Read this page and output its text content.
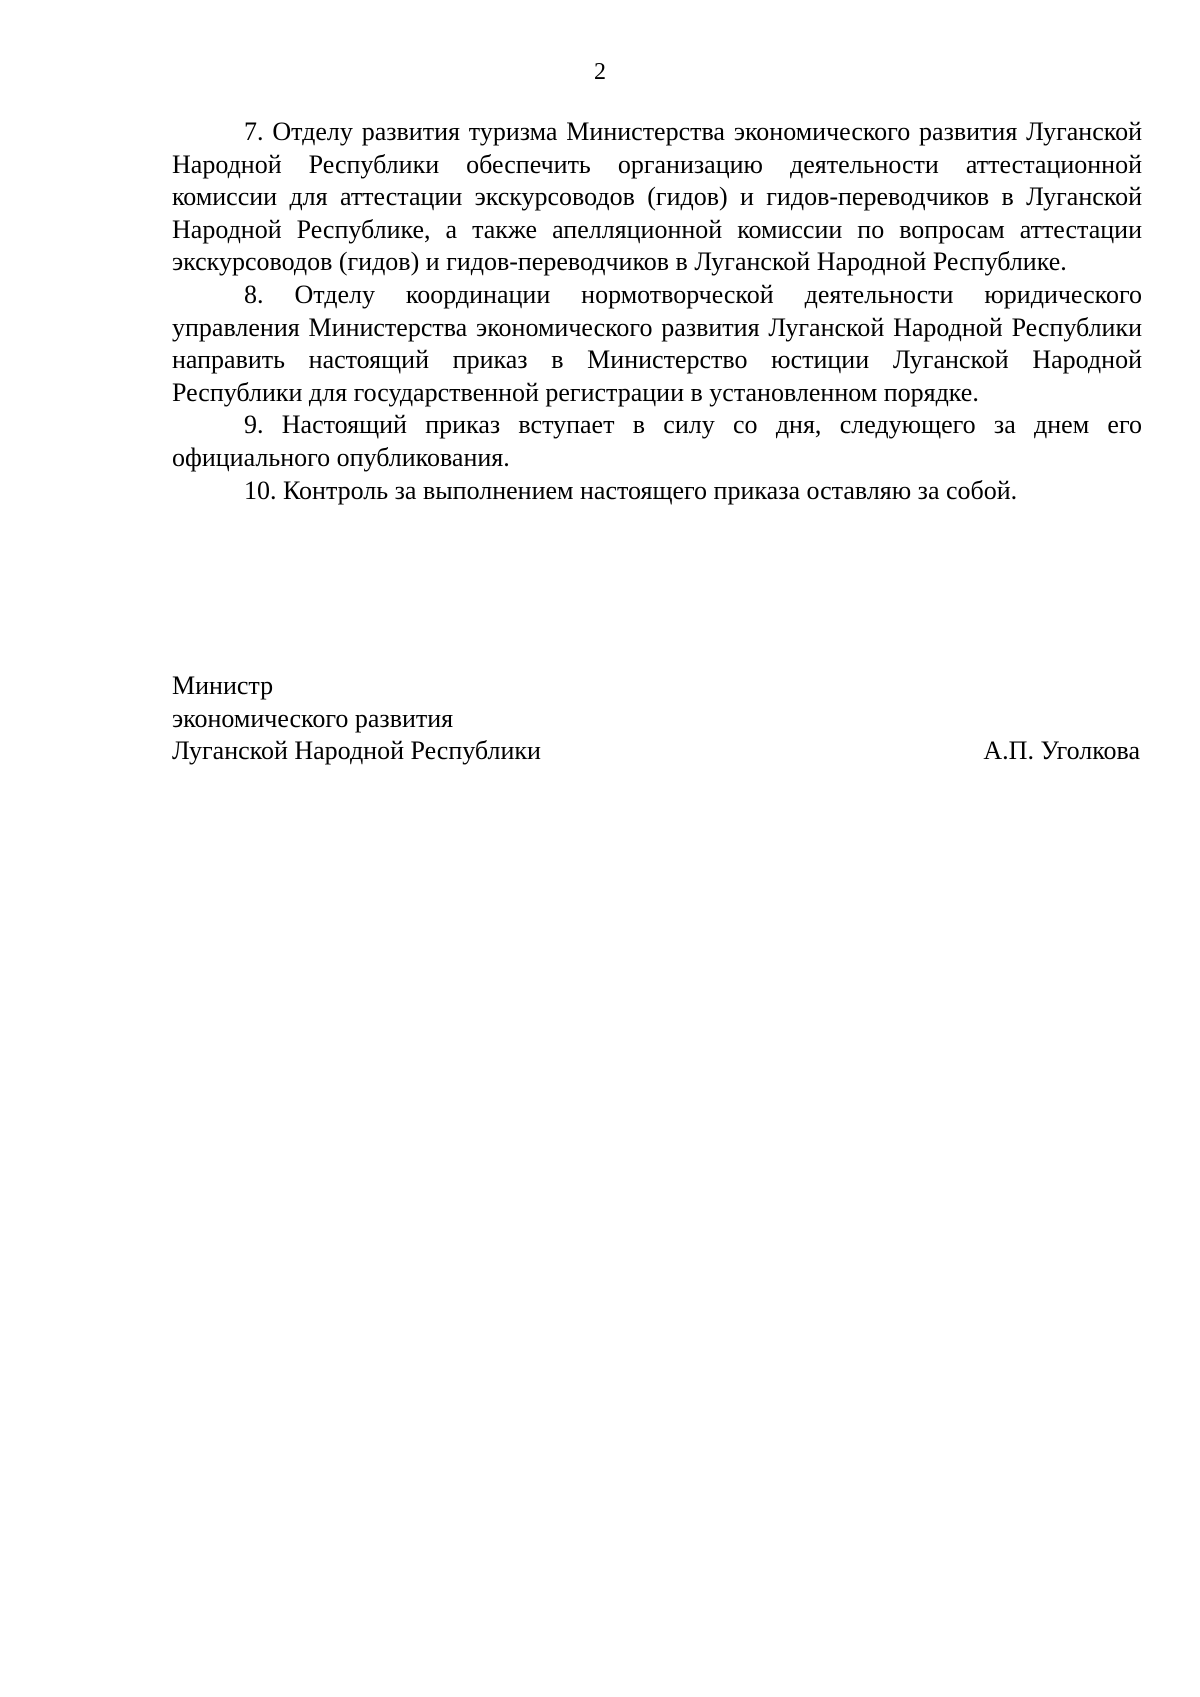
2

7. Отделу развития туризма Министерства экономического развития Луганской Народной Республики обеспечить организацию деятельности аттестационной комиссии для аттестации экскурсоводов (гидов) и гидов-переводчиков в Луганской Народной Республике, а также апелляционной комиссии по вопросам аттестации экскурсоводов (гидов) и гидов-переводчиков в Луганской Народной Республике.

8. Отделу координации нормотворческой деятельности юридического управления Министерства экономического развития Луганской Народной Республики направить настоящий приказ в Министерство юстиции Луганской Народной Республики для государственной регистрации в установленном порядке.

9. Настоящий приказ вступает в силу со дня, следующего за днем его официального опубликования.

10. Контроль за выполнением настоящего приказа оставляю за собой.

Министр
экономического развития
Луганской Народной Республики	А.П. Уголкова
